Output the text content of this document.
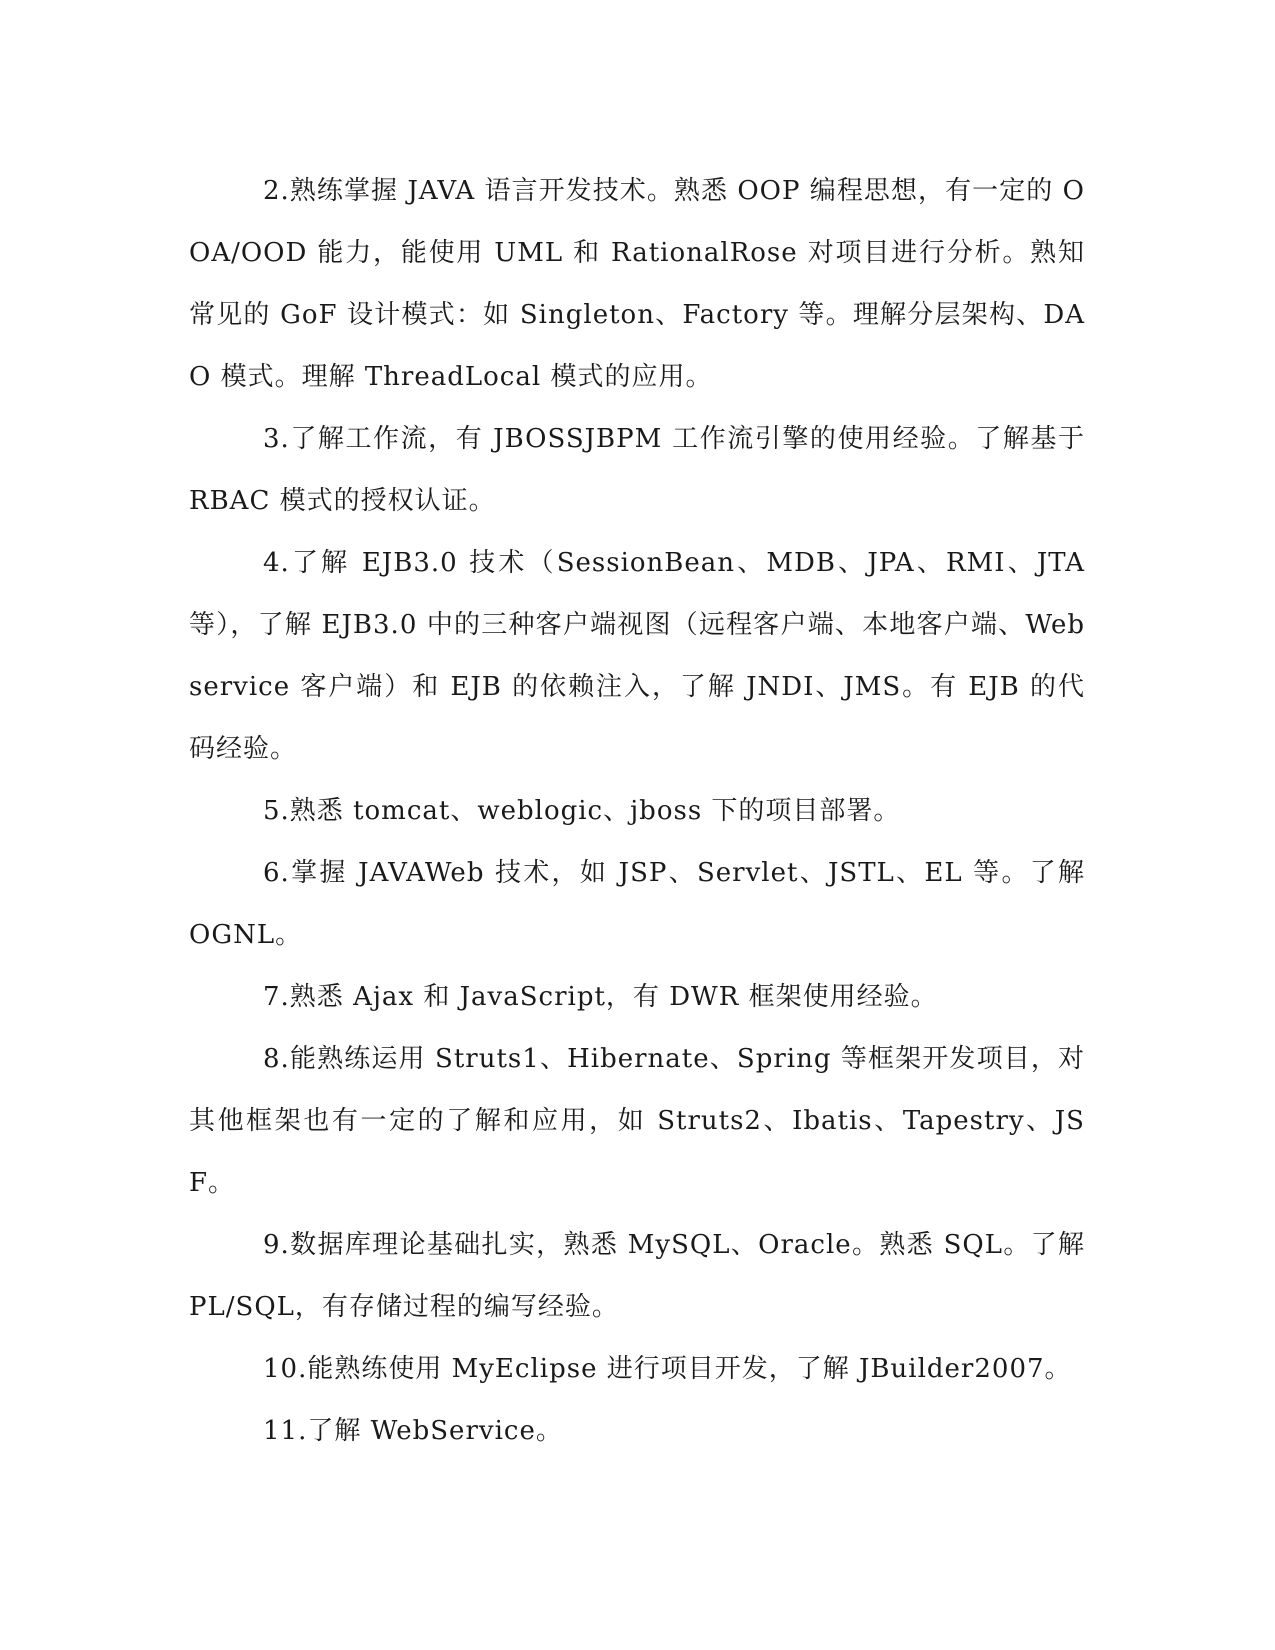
2.熟练掌握 JAVA 语言开发技术。熟悉 OOP 编程思想，有一定的 OOA/OOD 能力，能使用 UML 和 RationalRose 对项目进行分析。熟知常见的 GoF 设计模式：如 Singleton、Factory 等。理解分层架构、DAO 模式。理解 ThreadLocal 模式的应用。

3.了解工作流，有 JBOSSJBPM 工作流引擎的使用经验。了解基于 RBAC 模式的授权认证。

4.了解 EJB3.0 技术（SessionBean、MDB、JPA、RMI、JTA 等），了解 EJB3.0 中的三种客户端视图（远程客户端、本地客户端、Webservice 客户端）和 EJB 的依赖注入，了解 JNDI、JMS。有 EJB 的代码经验。

5.熟悉 tomcat、weblogic、jboss 下的项目部署。

6.掌握 JAVAWeb 技术，如 JSP、Servlet、JSTL、EL 等。了解 OGNL。

7.熟悉 Ajax 和 JavaScript，有 DWR 框架使用经验。

8.能熟练运用 Struts1、Hibernate、Spring 等框架开发项目，对其他框架也有一定的了解和应用，如 Struts2、Ibatis、Tapestry、JSF。

9.数据库理论基础扎实，熟悉 MySQL、Oracle。熟悉 SQL。了解 PL/SQL，有存储过程的编写经验。

10.能熟练使用 MyEclipse 进行项目开发，了解 JBuilder2007。

11.了解 WebService。
